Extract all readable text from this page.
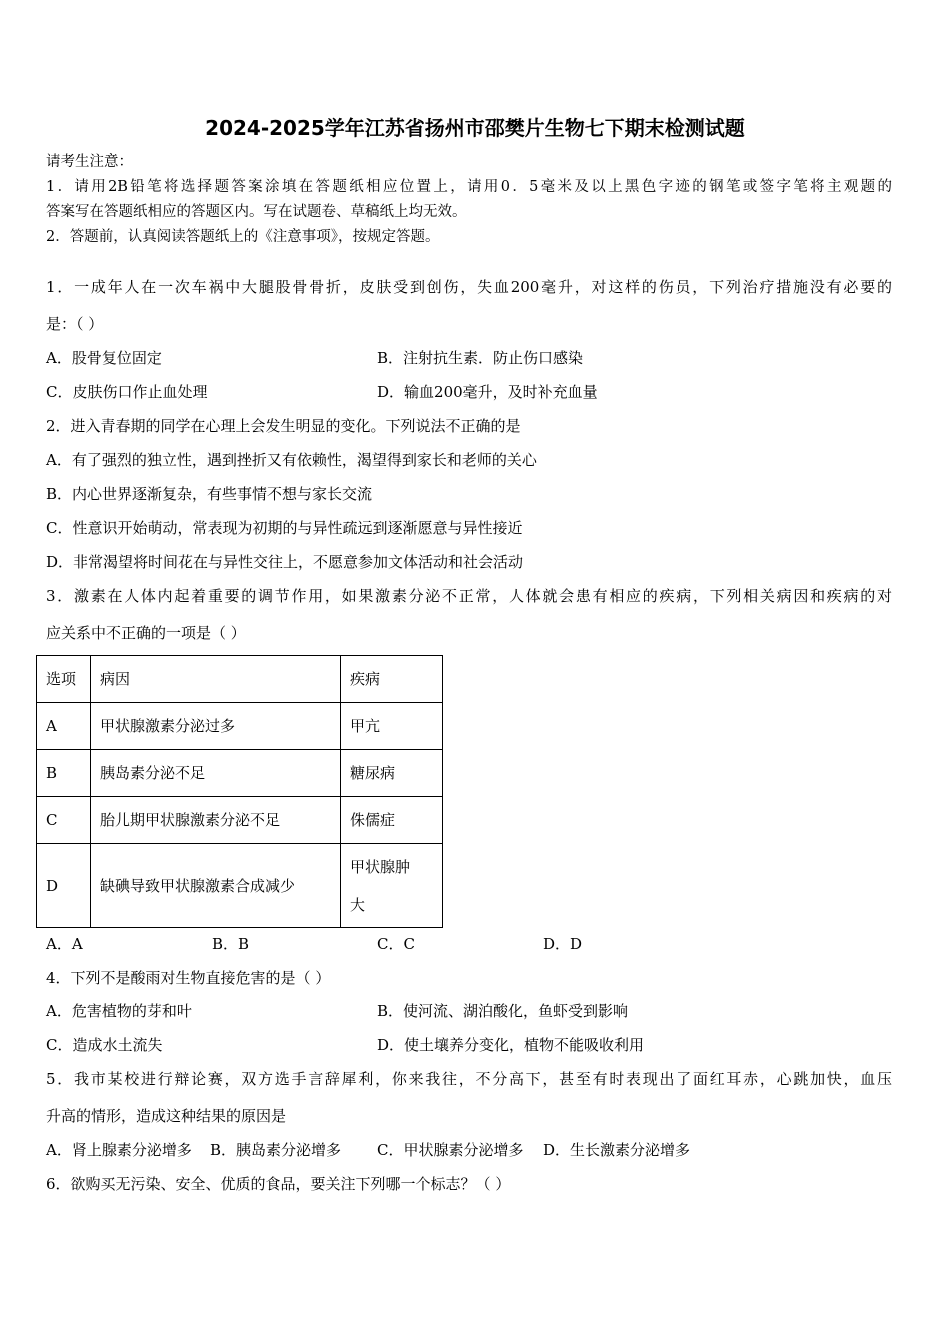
2024-2025学年江苏省扬州市邵樊片生物七下期末检测试题
请考生注意：
1．请用2B铅笔将选择题答案涂填在答题纸相应位置上，请用0．5毫米及以上黑色字迹的钢笔或签字笔将主观题的
答案写在答题纸相应的答题区内。写在试题卷、草稿纸上均无效。
2．答题前，认真阅读答题纸上的《注意事项》，按规定答题。
1．一成年人在一次车祸中大腿股骨骨折，皮肤受到创伤，失血200毫升，对这样的伤员，下列治疗措施没有必要的
是：（ ）
A．股骨复位固定	B．注射抗生素．防止伤口感染
C．皮肤伤口作止血处理	D．输血200毫升，及时补充血量
2．进入青春期的同学在心理上会发生明显的变化。下列说法不正确的是
A．有了强烈的独立性，遇到挫折又有依赖性，渴望得到家长和老师的关心
B．内心世界逐渐复杂，有些事情不想与家长交流
C．性意识开始萌动，常表现为初期的与异性疏远到逐渐愿意与异性接近
D．非常渴望将时间花在与异性交往上，不愿意参加文体活动和社会活动
3．激素在人体内起着重要的调节作用，如果激素分泌不正常，人体就会患有相应的疾病，下列相关病因和疾病的对
应关系中不正确的一项是（ ）
选项	病因	疾病
A	甲状腺激素分泌过多	甲亢
B	胰岛素分泌不足	糖尿病
C	胎儿期甲状腺激素分泌不足	侏儒症
D	缺碘导致甲状腺激素合成减少	甲状腺肿
大
A．A	B．B	C．C	D．D
4．下列不是酸雨对生物直接危害的是（ ）
A．危害植物的芽和叶	B．使河流、湖泊酸化，鱼虾受到影响
C．造成水土流失	D．使土壤养分变化，植物不能吸收利用
5．我市某校进行辩论赛，双方选手言辞犀利，你来我往，不分高下，甚至有时表现出了面红耳赤，心跳加快，血压
升高的情形，造成这种结果的原因是
A．肾上腺素分泌增多 B．胰岛素分泌增多 C．甲状腺素分泌增多 D．生长激素分泌增多
6．欲购买无污染、安全、优质的食品，要关注下列哪一个标志？（ ）
